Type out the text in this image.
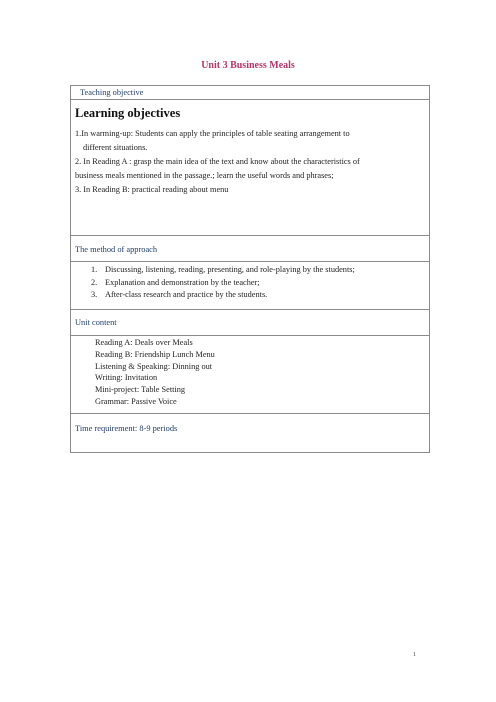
Unit 3 Business Meals
Teaching objective
Learning objectives
1.In warming-up: Students can apply the principles of table seating arrangement to
different situations.
2. In Reading A : grasp the main idea of the text and know about the characteristics of
business meals mentioned in the passage.; learn the useful words and phrases;
3. In Reading B: practical reading about menu
The method of approach
1. Discussing, listening, reading, presenting, and role-playing by the students;
2. Explanation and demonstration by the teacher;
3. After-class research and practice by the students.
Unit content
Reading A: Deals over Meals
Reading B: Friendship Lunch Menu
Listening & Speaking: Dinning out
Writing: Invitation
Mini-project: Table Setting
Grammar: Passive Voice
Time requirement: 8-9 periods
1
